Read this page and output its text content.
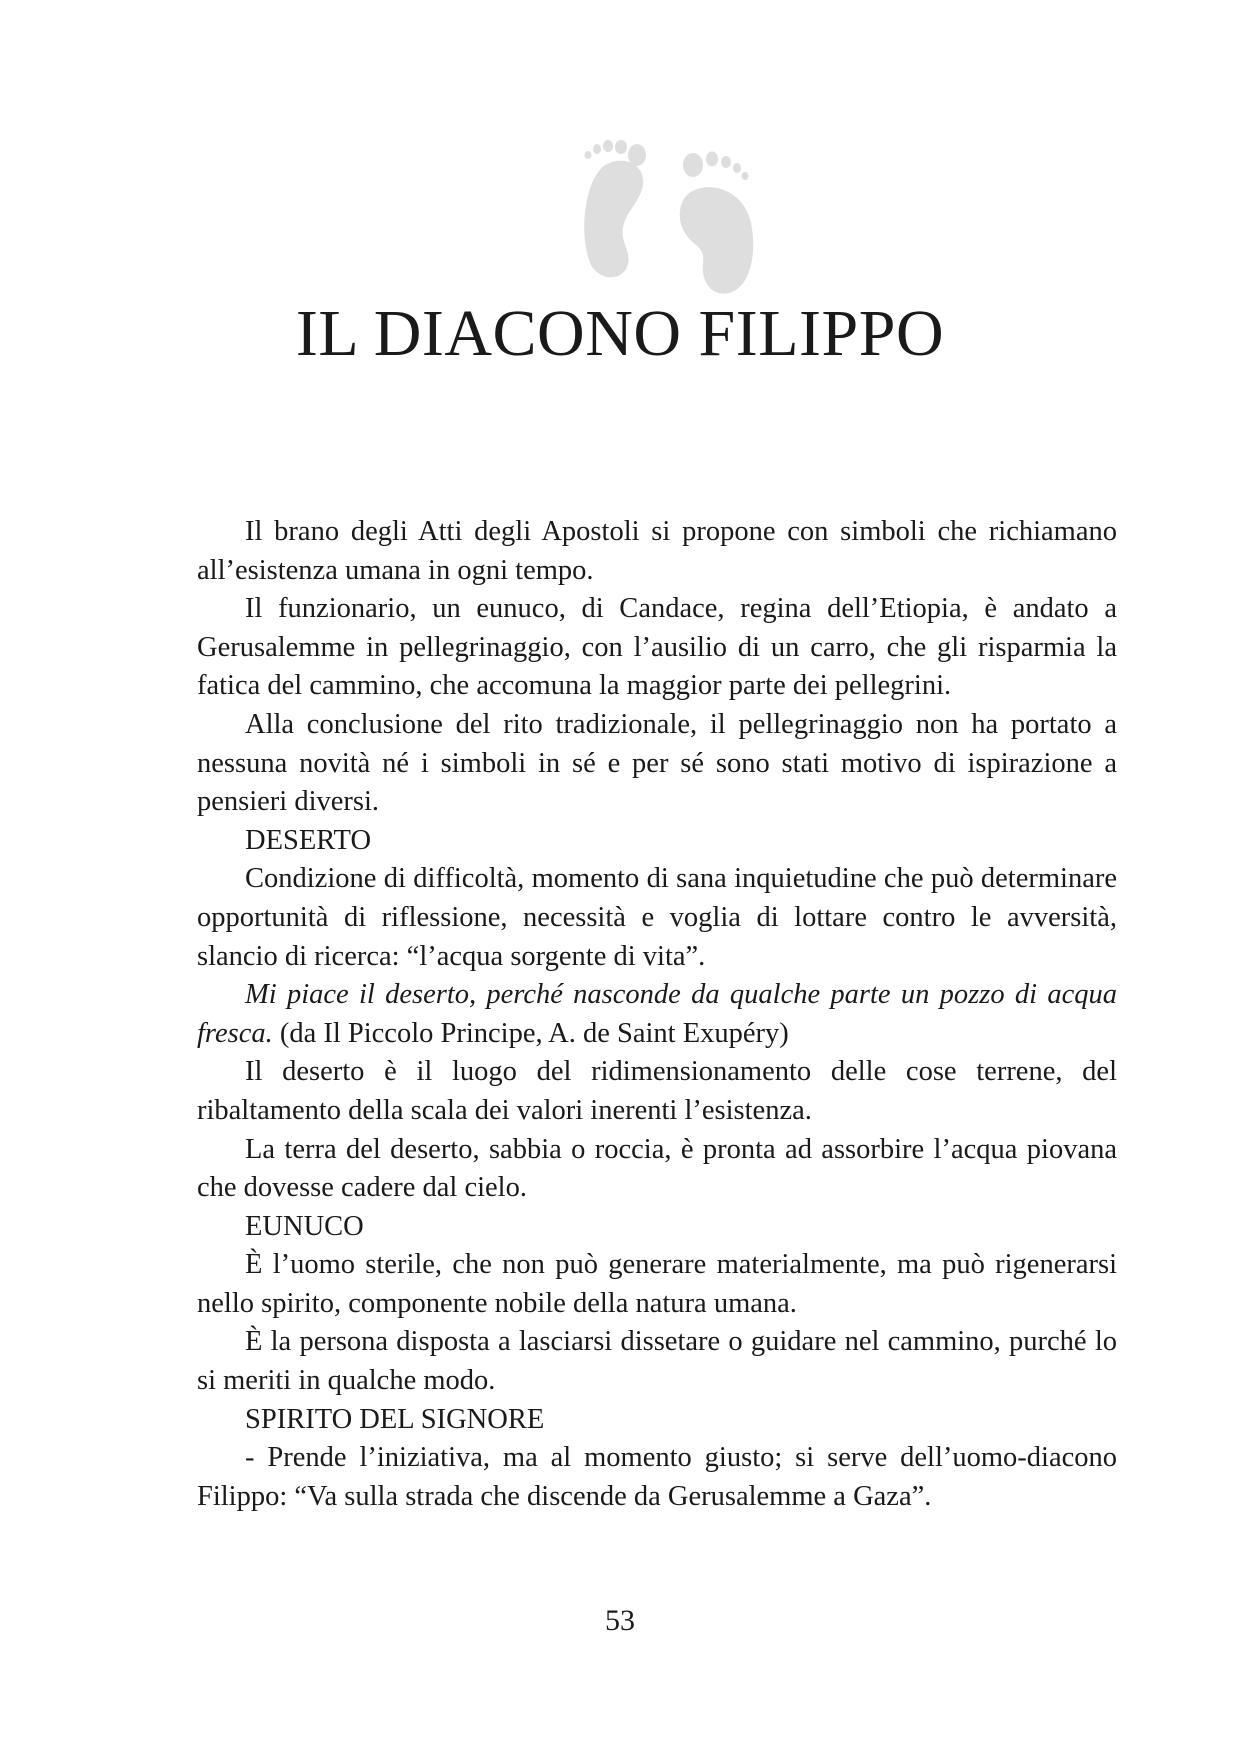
IL DIACONO FILIPPO

Il brano degli Atti degli Apostoli si propone con simboli che richiamano all’esistenza umana in ogni tempo.

Il funzionario, un eunuco, di Candace, regina dell’Etiopia, è andato a Gerusalemme in pellegrinaggio, con l’ausilio di un carro, che gli risparmia la fatica del cammino, che accomuna la maggior parte dei pellegrini.

Alla conclusione del rito tradizionale, il pellegrinaggio non ha portato a nessuna novità né i simboli in sé e per sé sono stati motivo di ispirazione a pensieri diversi.

DESERTO

Condizione di difficoltà, momento di sana inquietudine che può determinare opportunità di riflessione, necessità e voglia di lottare contro le avversità, slancio di ricerca: “l’acqua sorgente di vita”.

Mi piace il deserto, perché nasconde da qualche parte un pozzo di acqua fresca. (da Il Piccolo Principe, A. de Saint Exupéry)

Il deserto è il luogo del ridimensionamento delle cose terrene, del ribaltamento della scala dei valori inerenti l’esistenza.

La terra del deserto, sabbia o roccia, è pronta ad assorbire l’acqua piovana che dovesse cadere dal cielo.

EUNUCO

È l’uomo sterile, che non può generare materialmente, ma può rigenerarsi nello spirito, componente nobile della natura umana.

È la persona disposta a lasciarsi dissetare o guidare nel cammino, purché lo si meriti in qualche modo.

SPIRITO DEL SIGNORE

- Prende l’iniziativa, ma al momento giusto; si serve dell’uomo-diacono Filippo: “Va sulla strada che discende da Gerusalemme a Gaza”.

53
